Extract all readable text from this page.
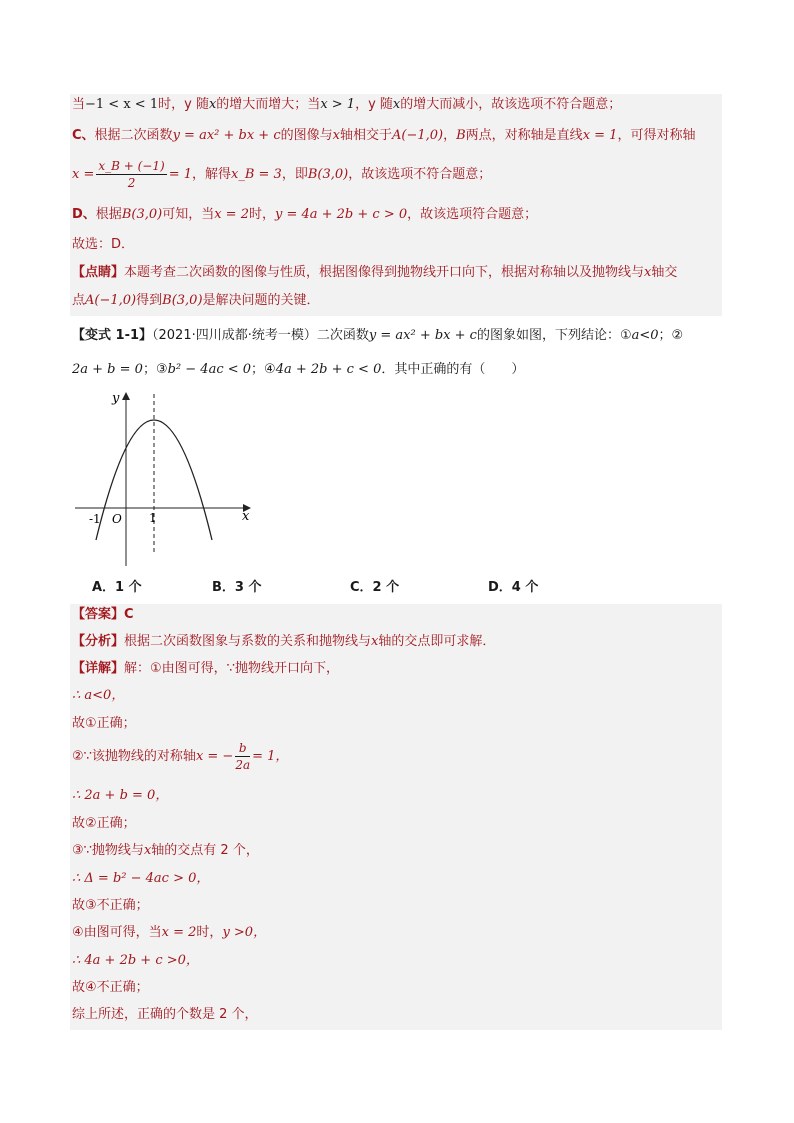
当−1 < x < 1时，y 随x的增大而增大；当x > 1，y 随x的增大而减小，故该选项不符合题意；
C、根据二次函数y = ax² + bx + c的图像与x轴相交于A(−1,0)，B两点，对称轴是直线x = 1，可得对称轴
$x = \frac{x\_B + (-1)}{2} = 1$，解得x_B = 3，即B(3,0)，故该选项不符合题意；
D、根据B(3,0)可知，当x = 2时，y = 4a + 2b + c > 0，故该选项符合题意；
故选：D．
【点睛】本题考查二次函数的图像与性质，根据图像得到抛物线开口向下，根据对称轴以及抛物线与x轴交
点A(−1,0)得到B(3,0)是解决问题的关键．
【变式 1-1】（2021·四川成都·统考一模）二次函数y = ax² + bx + c的图象如图，下列结论：①a<0；②
2a + b = 0；③b² − 4ac < 0；④4a + 2b + c < 0．其中正确的有（　　）
y
x
O
-1	1
A．1 个	B．3 个	C．2 个	D．4 个
【答案】C
【分析】根据二次函数图象与系数的关系和抛物线与x轴的交点即可求解．
【详解】解：①由图可得，∵抛物线开口向下，
∴ a<0，
故①正确；
②∵该抛物线的对称轴x = − $\frac{b}{2a} = 1$，
∴ 2a + b = 0，
故②正确；
③∵抛物线与x轴的交点有 2 个，
∴ Δ = b² − 4ac > 0，
故③不正确；
④由图可得，当x = 2时，y >0，
∴ 4a + 2b + c >0，
故④不正确；
综上所述，正确的个数是 2 个，
